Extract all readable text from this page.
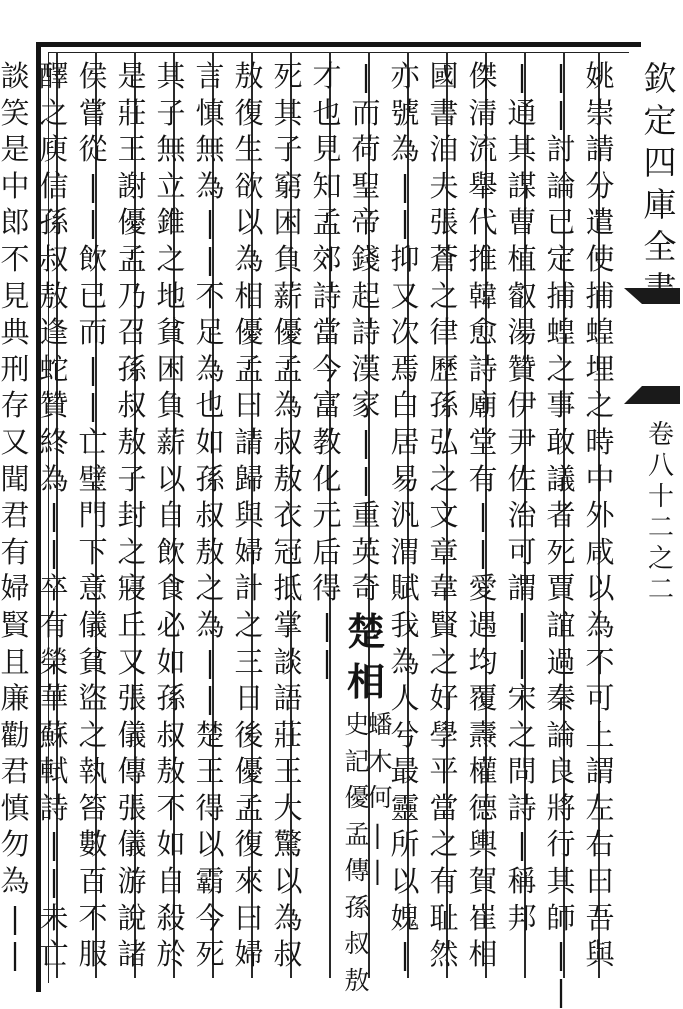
欽
定
四
庫
全
卷
八
十
二
之
二
姚
崇
請
分
遣
使
捕
蝗
埋
之
時
中
外
咸
以
為
不
可
上
謂
左
右
曰
吾
與
|
|
討
論
已
定
捕
蝗
之
事
敢
議
者
死
賈
誼
過
秦
論
良
將
行
其
師
|
|
|
通
其
謀
曹
植
叡
湯
贊
伊
尹
佐
治
可
謂
|
|
宋
之
問
詩
|
稱
邦
傑
清
流
舉
代
推
韓
愈
詩
廟
堂
有
|
|
愛
遇
均
覆
燾
權
德
輿
賀
崔
相
國
書
洎
夫
張
蒼
之
律
歷
孫
弘
之
文
章
韋
賢
之
好
學
平
當
之
有
耻
然
亦
號
為
|
|
抑
又
次
焉
白
居
易
汎
渭
賦
我
為
人
兮
最
靈
所
以
媿
|
|
而
荷
聖
帝
錢
起
詩
漢
家
|
|
重
英
奇
楚
相
蟠
木
何
|
|
史
記
優
孟
傳
孫
叔
敖
才
也
見
知
孟
郊
詩
當
今
富
教
化
元
后
得
|
|
死
其
子
窮
困
負
薪
優
孟
為
叔
敖
衣
冠
抵
掌
談
語
莊
王
大
驚
以
為
叔
敖
復
生
欲
以
為
相
優
孟
曰
請
歸
與
婦
計
之
三
日
後
優
孟
復
來
曰
婦
言
慎
無
為
|
|
不
足
為
也
如
孫
叔
敖
之
為
|
|
楚
王
得
以
霸
今
死
其
子
無
立
錐
之
地
貧
困
負
薪
以
自
飲
食
必
如
孫
叔
敖
不
如
自
殺
於
是
莊
王
謝
優
孟
乃
召
孫
叔
敖
子
封
之
寢
丘
又
張
儀
傳
張
儀
游
說
諸
侯
嘗
從
|
|
飲
已
而
|
|
亡
璧
門
下
意
儀
貧
盜
之
執
笞
數
百
不
服
醳
之
庾
信
孫
叔
敖
逢
蛇
贊
終
為
|
|
卒
有
榮
華
蘇
軾
詩
|
|
未
亡
談
笑
是
中
郎
不
見
典
刑
存
又
聞
君
有
婦
賢
且
廉
勸
君
慎
勿
為
|
|
